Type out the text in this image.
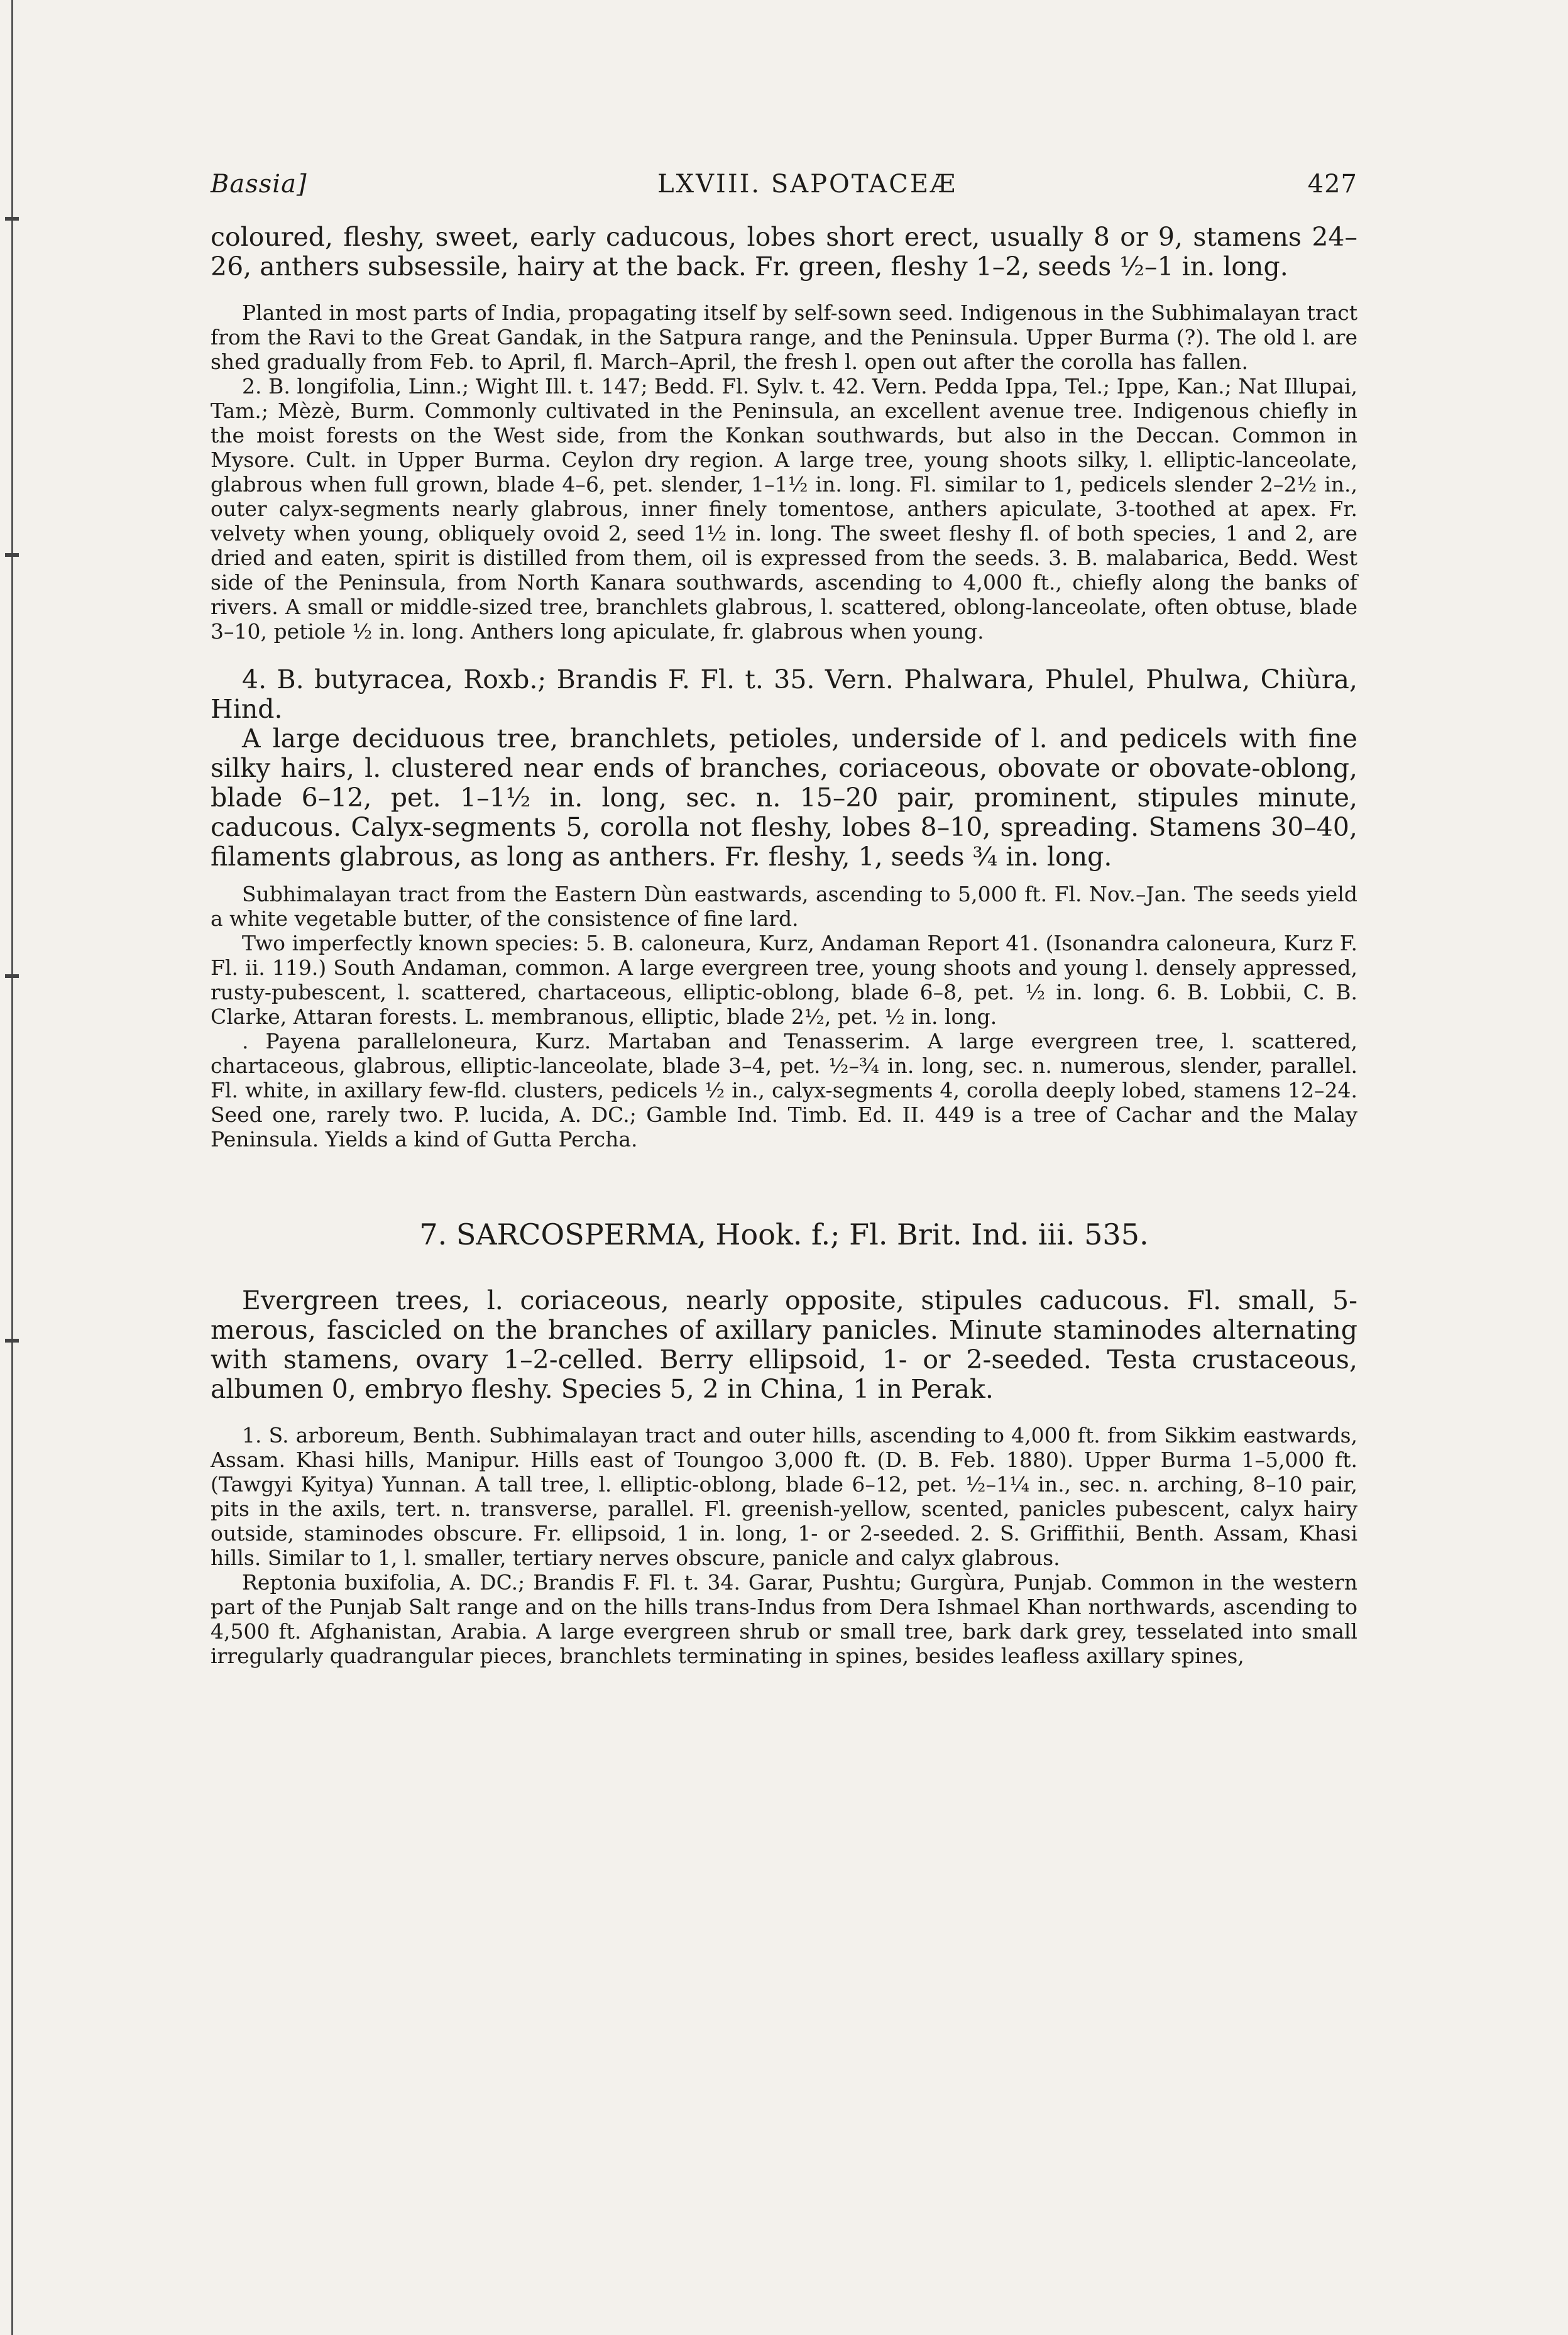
Bassia]	LXVIII. SAPOTACEÆ	427

coloured, fleshy, sweet, early caducous, lobes short erect, usually 8 or 9, stamens 24–26, anthers subsessile, hairy at the back. Fr. green, fleshy 1–2, seeds ½–1 in. long.

Planted in most parts of India, propagating itself by self-sown seed. Indigenous in the Subhimalayan tract from the Ravi to the Great Gandak, in the Satpura range, and the Peninsula. Upper Burma (?). The old l. are shed gradually from Feb. to April, fl. March–April, the fresh l. open out after the corolla has fallen.

2. B. longifolia, Linn.; Wight Ill. t. 147; Bedd. Fl. Sylv. t. 42. Vern. Pedda Ippa, Tel.; Ippe, Kan.; Nat Illupai, Tam.; Mèzè, Burm. Commonly cultivated in the Peninsula, an excellent avenue tree. Indigenous chiefly in the moist forests on the West side, from the Konkan southwards, but also in the Deccan. Common in Mysore. Cult. in Upper Burma. Ceylon dry region. A large tree, young shoots silky, l. elliptic-lanceolate, glabrous when full grown, blade 4–6, pet. slender, 1–1½ in. long. Fl. similar to 1, pedicels slender 2–2½ in., outer calyx-segments nearly glabrous, inner finely tomentose, anthers apiculate, 3-toothed at apex. Fr. velvety when young, obliquely ovoid 2, seed 1½ in. long. The sweet fleshy fl. of both species, 1 and 2, are dried and eaten, spirit is distilled from them, oil is expressed from the seeds. 3. B. malabarica, Bedd. West side of the Peninsula, from North Kanara southwards, ascending to 4,000 ft., chiefly along the banks of rivers. A small or middle-sized tree, branchlets glabrous, l. scattered, oblong-lanceolate, often obtuse, blade 3–10, petiole ½ in. long. Anthers long apiculate, fr. glabrous when young.

4. B. butyracea, Roxb.; Brandis F. Fl. t. 35. Vern. Phalwara, Phulel, Phulwa, Chiùra, Hind.

A large deciduous tree, branchlets, petioles, underside of l. and pedicels with fine silky hairs, l. clustered near ends of branches, coriaceous, obovate or obovate-oblong, blade 6–12, pet. 1–1½ in. long, sec. n. 15–20 pair, prominent, stipules minute, caducous. Calyx-segments 5, corolla not fleshy, lobes 8–10, spreading. Stamens 30–40, filaments glabrous, as long as anthers. Fr. fleshy, 1, seeds ¾ in. long.

Subhimalayan tract from the Eastern Dùn eastwards, ascending to 5,000 ft. Fl. Nov.–Jan. The seeds yield a white vegetable butter, of the consistence of fine lard.

Two imperfectly known species: 5. B. caloneura, Kurz, Andaman Report 41. (Isonandra caloneura, Kurz F. Fl. ii. 119.) South Andaman, common. A large evergreen tree, young shoots and young l. densely appressed, rusty-pubescent, l. scattered, chartaceous, elliptic-oblong, blade 6–8, pet. ½ in. long. 6. B. Lobbii, C. B. Clarke, Attaran forests. L. membranous, elliptic, blade 2½, pet. ½ in. long.

. Payena paralleloneura, Kurz. Martaban and Tenasserim. A large evergreen tree, l. scattered, chartaceous, glabrous, elliptic-lanceolate, blade 3–4, pet. ½–¾ in. long, sec. n. numerous, slender, parallel. Fl. white, in axillary few-fld. clusters, pedicels ½ in., calyx-segments 4, corolla deeply lobed, stamens 12–24. Seed one, rarely two. P. lucida, A. DC.; Gamble Ind. Timb. Ed. II. 449 is a tree of Cachar and the Malay Peninsula. Yields a kind of Gutta Percha.

7. SARCOSPERMA, Hook. f.; Fl. Brit. Ind. iii. 535.

Evergreen trees, l. coriaceous, nearly opposite, stipules caducous. Fl. small, 5-merous, fascicled on the branches of axillary panicles. Minute staminodes alternating with stamens, ovary 1–2-celled. Berry ellipsoid, 1- or 2-seeded. Testa crustaceous, albumen 0, embryo fleshy. Species 5, 2 in China, 1 in Perak.

1. S. arboreum, Benth. Subhimalayan tract and outer hills, ascending to 4,000 ft. from Sikkim eastwards, Assam. Khasi hills, Manipur. Hills east of Toungoo 3,000 ft. (D. B. Feb. 1880). Upper Burma 1–5,000 ft. (Tawgyi Kyitya) Yunnan. A tall tree, l. elliptic-oblong, blade 6–12, pet. ½–1¼ in., sec. n. arching, 8–10 pair, pits in the axils, tert. n. transverse, parallel. Fl. greenish-yellow, scented, panicles pubescent, calyx hairy outside, staminodes obscure. Fr. ellipsoid, 1 in. long, 1- or 2-seeded. 2. S. Griffithii, Benth. Assam, Khasi hills. Similar to 1, l. smaller, tertiary nerves obscure, panicle and calyx glabrous.

Reptonia buxifolia, A. DC.; Brandis F. Fl. t. 34. Garar, Pushtu; Gurgùra, Punjab. Common in the western part of the Punjab Salt range and on the hills trans-Indus from Dera Ishmael Khan northwards, ascending to 4,500 ft. Afghanistan, Arabia. A large evergreen shrub or small tree, bark dark grey, tesselated into small irregularly quadrangular pieces, branchlets terminating in spines, besides leafless axillary spines,
